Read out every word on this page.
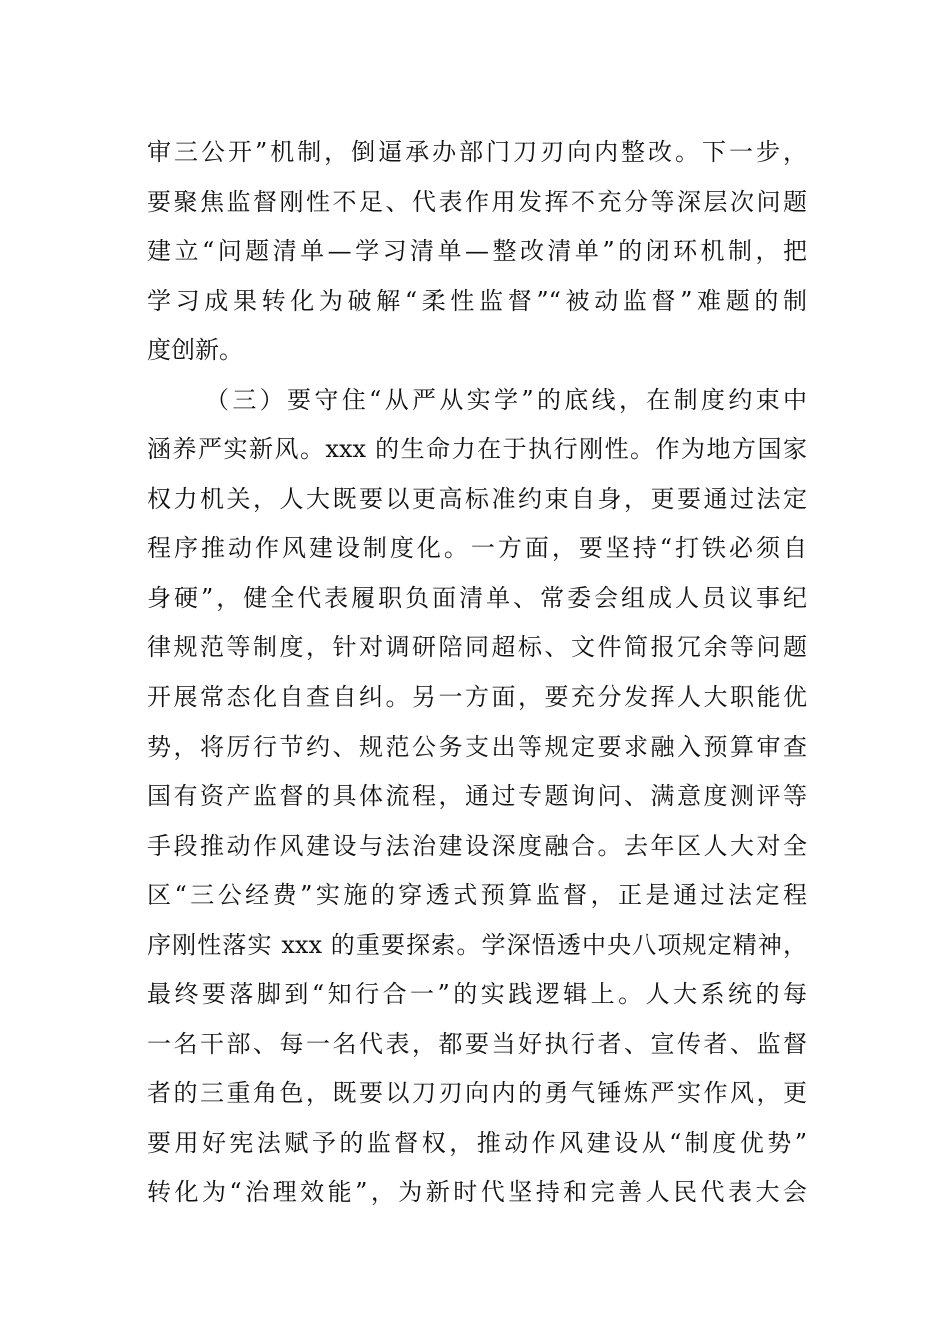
审三公开”机制，倒逼承办部门刀刃向内整改。下一步，
要聚焦监督刚性不足、代表作用发挥不充分等深层次问题
建立“问题清单—学习清单—整改清单”的闭环机制，把
学习成果转化为破解“柔性监督”“被动监督”难题的制
度创新。
（三）要守住“从严从实学”的底线，在制度约束中
涵养严实新风。xxx 的生命力在于执行刚性。作为地方国家
权力机关，人大既要以更高标准约束自身，更要通过法定
程序推动作风建设制度化。一方面，要坚持“打铁必须自
身硬”，健全代表履职负面清单、常委会组成人员议事纪
律规范等制度，针对调研陪同超标、文件简报冗余等问题
开展常态化自查自纠。另一方面，要充分发挥人大职能优
势，将厉行节约、规范公务支出等规定要求融入预算审查
国有资产监督的具体流程，通过专题询问、满意度测评等
手段推动作风建设与法治建设深度融合。去年区人大对全
区“三公经费”实施的穿透式预算监督，正是通过法定程
序刚性落实 xxx 的重要探索。学深悟透中央八项规定精神，
最终要落脚到“知行合一”的实践逻辑上。人大系统的每
一名干部、每一名代表，都要当好执行者、宣传者、监督
者的三重角色，既要以刀刃向内的勇气锤炼严实作风，更
要用好宪法赋予的监督权，推动作风建设从“制度优势”
转化为“治理效能”，为新时代坚持和完善人民代表大会
